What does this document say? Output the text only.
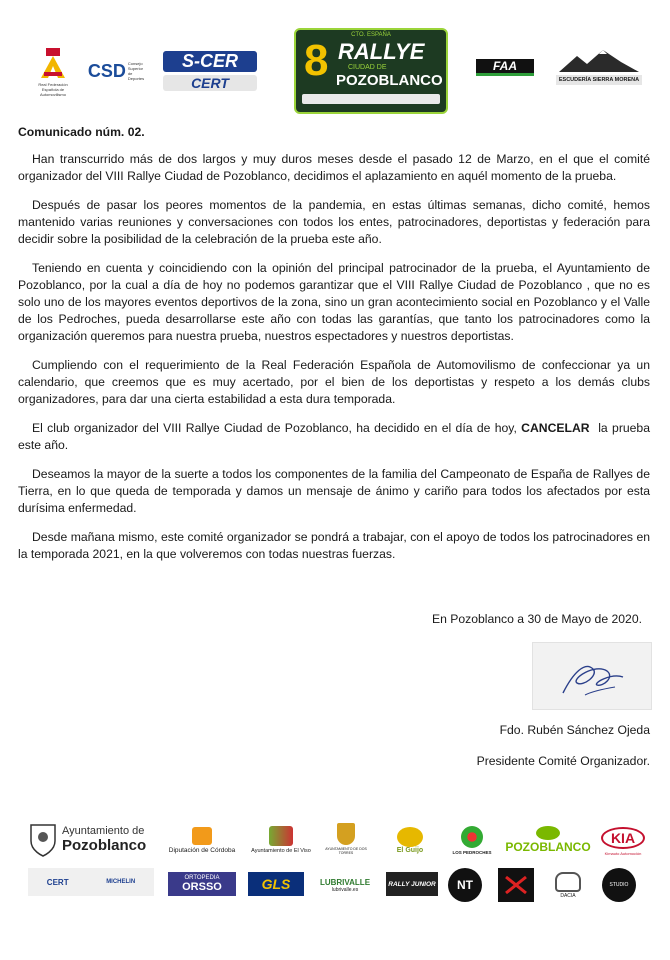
Real Federación Española de Automovilismo
CSD Consejo Superior de Deportes
S-CER
CERT
CTO. ESPAÑA
8 RALLYE
CIUDAD DE
POZOBLANCO
FAA
ESCUDERÍA SIERRA MORENA
Comunicado núm. 02.

Han transcurrido más de dos largos y muy duros meses desde el pasado 12 de Marzo, en el que el comité organizador del VIII Rallye Ciudad de Pozoblanco, decidimos el aplazamiento en aquél momento de la prueba.

Después de pasar los peores momentos de la pandemia, en estas últimas semanas, dicho comité, hemos mantenido varias reuniones y conversaciones con todos los entes, patrocinadores, deportistas y federación para decidir sobre la posibilidad de la celebración de la prueba este año.

Teniendo en cuenta y coincidiendo con la opinión del principal patrocinador de la prueba, el Ayuntamiento de Pozoblanco, por la cual a día de hoy no podemos garantizar que el VIII Rallye Ciudad de Pozoblanco , que no es solo uno de los mayores eventos deportivos de la zona, sino un gran acontecimiento social en Pozoblanco y el Valle de los Pedroches, pueda desarrollarse este año con todas las garantías, que tanto los patrocinadores como la organización queremos para nuestra prueba, nuestros espectadores y nuestros deportistas.

Cumpliendo con el requerimiento de la Real Federación Española de Automovilismo de confeccionar ya un calendario, que creemos que es muy acertado, por el bien de los deportistas y respeto a los demás clubs organizadores, para dar una cierta estabilidad a esta dura temporada.

El club organizador del VIII Rallye Ciudad de Pozoblanco, ha decidido en el día de hoy, CANCELAR  la prueba este año.

Deseamos la mayor de la suerte a todos los componentes de la familia del Campeonato de España de Rallyes de Tierra, en lo que queda de temporada y damos un mensaje de ánimo y cariño para todos los afectados por esta durísima enfermedad.

Desde mañana mismo, este comité organizador se pondrá a trabajar, con el apoyo de todos los patrocinadores en la temporada 2021, en la que volveremos con todas nuestras fuerzas.

En Pozoblanco a 30 de Mayo de 2020.
Fdo. Rubén Sánchez Ojeda
Presidente Comité Organizador.
Ayuntamiento de
Pozoblanco	Diputación de Córdoba	Ayuntamiento de El Viso	AYUNTAMIENTO DE DOS TORRES	El Guijo	LOS PEDROCHES POZOBLANCO
KIA
Kimauto Automoción
CERT	MICHELIN
ORTOPEDIA
ORSSO	GLS	LUBRIVALLE
lubrivalle.es
RALLY JUNIOR NT
DACIA
STUDIO
